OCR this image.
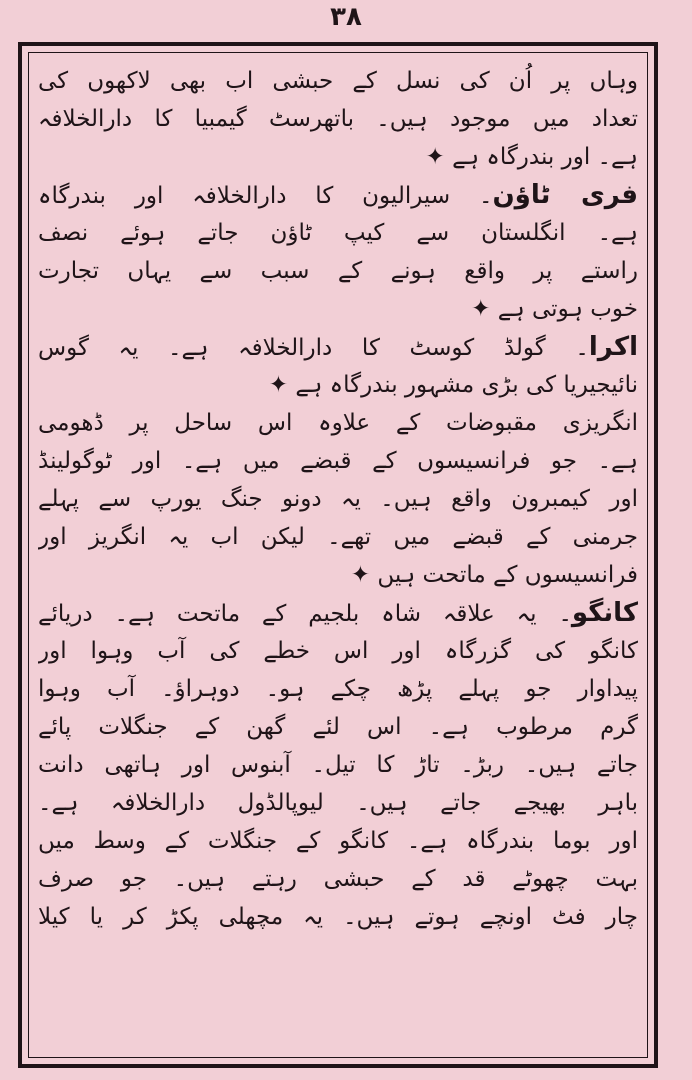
۳۸
وہاں پر اُن کی نسل کے حبشی اب بھی لاکھوں کی
تعداد میں موجود ہیں۔ باتھرسٹ گیمبیا کا دارالخلافہ
ہے۔ اور بندرگاہ ہے ✦
فری ٹاؤن۔ سیرالیون کا دارالخلافہ اور بندرگاہ
ہے۔ انگلستان سے کیپ ٹاؤن جاتے ہوئے نصف
راستے پر واقع ہونے کے سبب سے یہاں تجارت
خوب ہوتی ہے ✦
اکرا۔ گولڈ کوسٹ کا دارالخلافہ ہے۔ یہ گوس
نائیجیریا کی بڑی مشہور بندرگاہ ہے ✦
انگریزی مقبوضات کے علاوہ اس ساحل پر ڈھومی
ہے۔ جو فرانسیسوں کے قبضے میں ہے۔ اور ٹوگولینڈ
اور کیمبرون واقع ہیں۔ یہ دونو جنگ یورپ سے پہلے
جرمنی کے قبضے میں تھے۔ لیکن اب یہ انگریز اور
فرانسیسوں کے ماتحت ہیں ✦
کانگو۔ یہ علاقہ شاہ بلجیم کے ماتحت ہے۔ دریائے
کانگو کی گزرگاہ اور اس خطے کی آب وہوا اور
پیداوار جو پہلے پڑھ چکے ہو۔ دوہراؤ۔ آب وہوا
گرم مرطوب ہے۔ اس لئے گھن کے جنگلات پائے
جاتے ہیں۔ ربڑ۔ تاڑ کا تیل۔ آبنوس اور ہاتھی دانت
باہر بھیجے جاتے ہیں۔ لیوپالڈول دارالخلافہ ہے۔
اور بوما بندرگاہ ہے۔ کانگو کے جنگلات کے وسط میں
بہت چھوٹے قد کے حبشی رہتے ہیں۔ جو صرف
چار فٹ اونچے ہوتے ہیں۔ یہ مچھلی پکڑ کر یا کیلا
